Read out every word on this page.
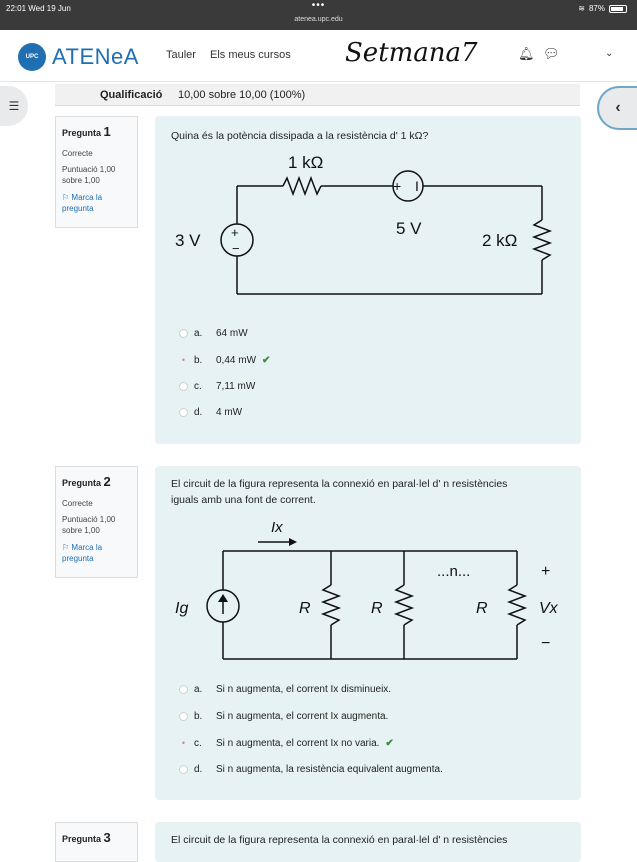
22:01 Wed 19 Jun	•••
atenea.upc.edu
≋ 87%
UPC ATENeA Tauler Els meus cursos Setmana7	🔔︎ 💬︎	⌄
Qualificació 10,00 sobre 10,00 (100%)
☰	‹
Pregunta 1
Correcte
Puntuació 1,00 sobre 1,00
⚐ Marca la pregunta
Quina és la potència dissipada a la resistència d' 1 kΩ?
1 kΩ
+ I
5 V
2 kΩ
3 V +
−
a.	64 mW
• b.	0,44 mW ✔
c.	7,11 mW
d.	4 mW
Pregunta 2
Correcte
Puntuació 1,00 sobre 1,00
⚐ Marca la pregunta
El circuit de la figura representa la connexió en paral·lel d' n resistències
iguals amb una font de corrent.
Ix
Ig	R	R	R
...n...	+
Vx
−
a.	Si n augmenta, el corrent Ix disminueix.
b.	Si n augmenta, el corrent Ix augmenta.
• c.	Si n augmenta, el corrent Ix no varia. ✔
d.	Si n augmenta, la resistència equivalent augmenta.
Pregunta 3	El circuit de la figura representa la connexió en paral·lel d' n resistències
